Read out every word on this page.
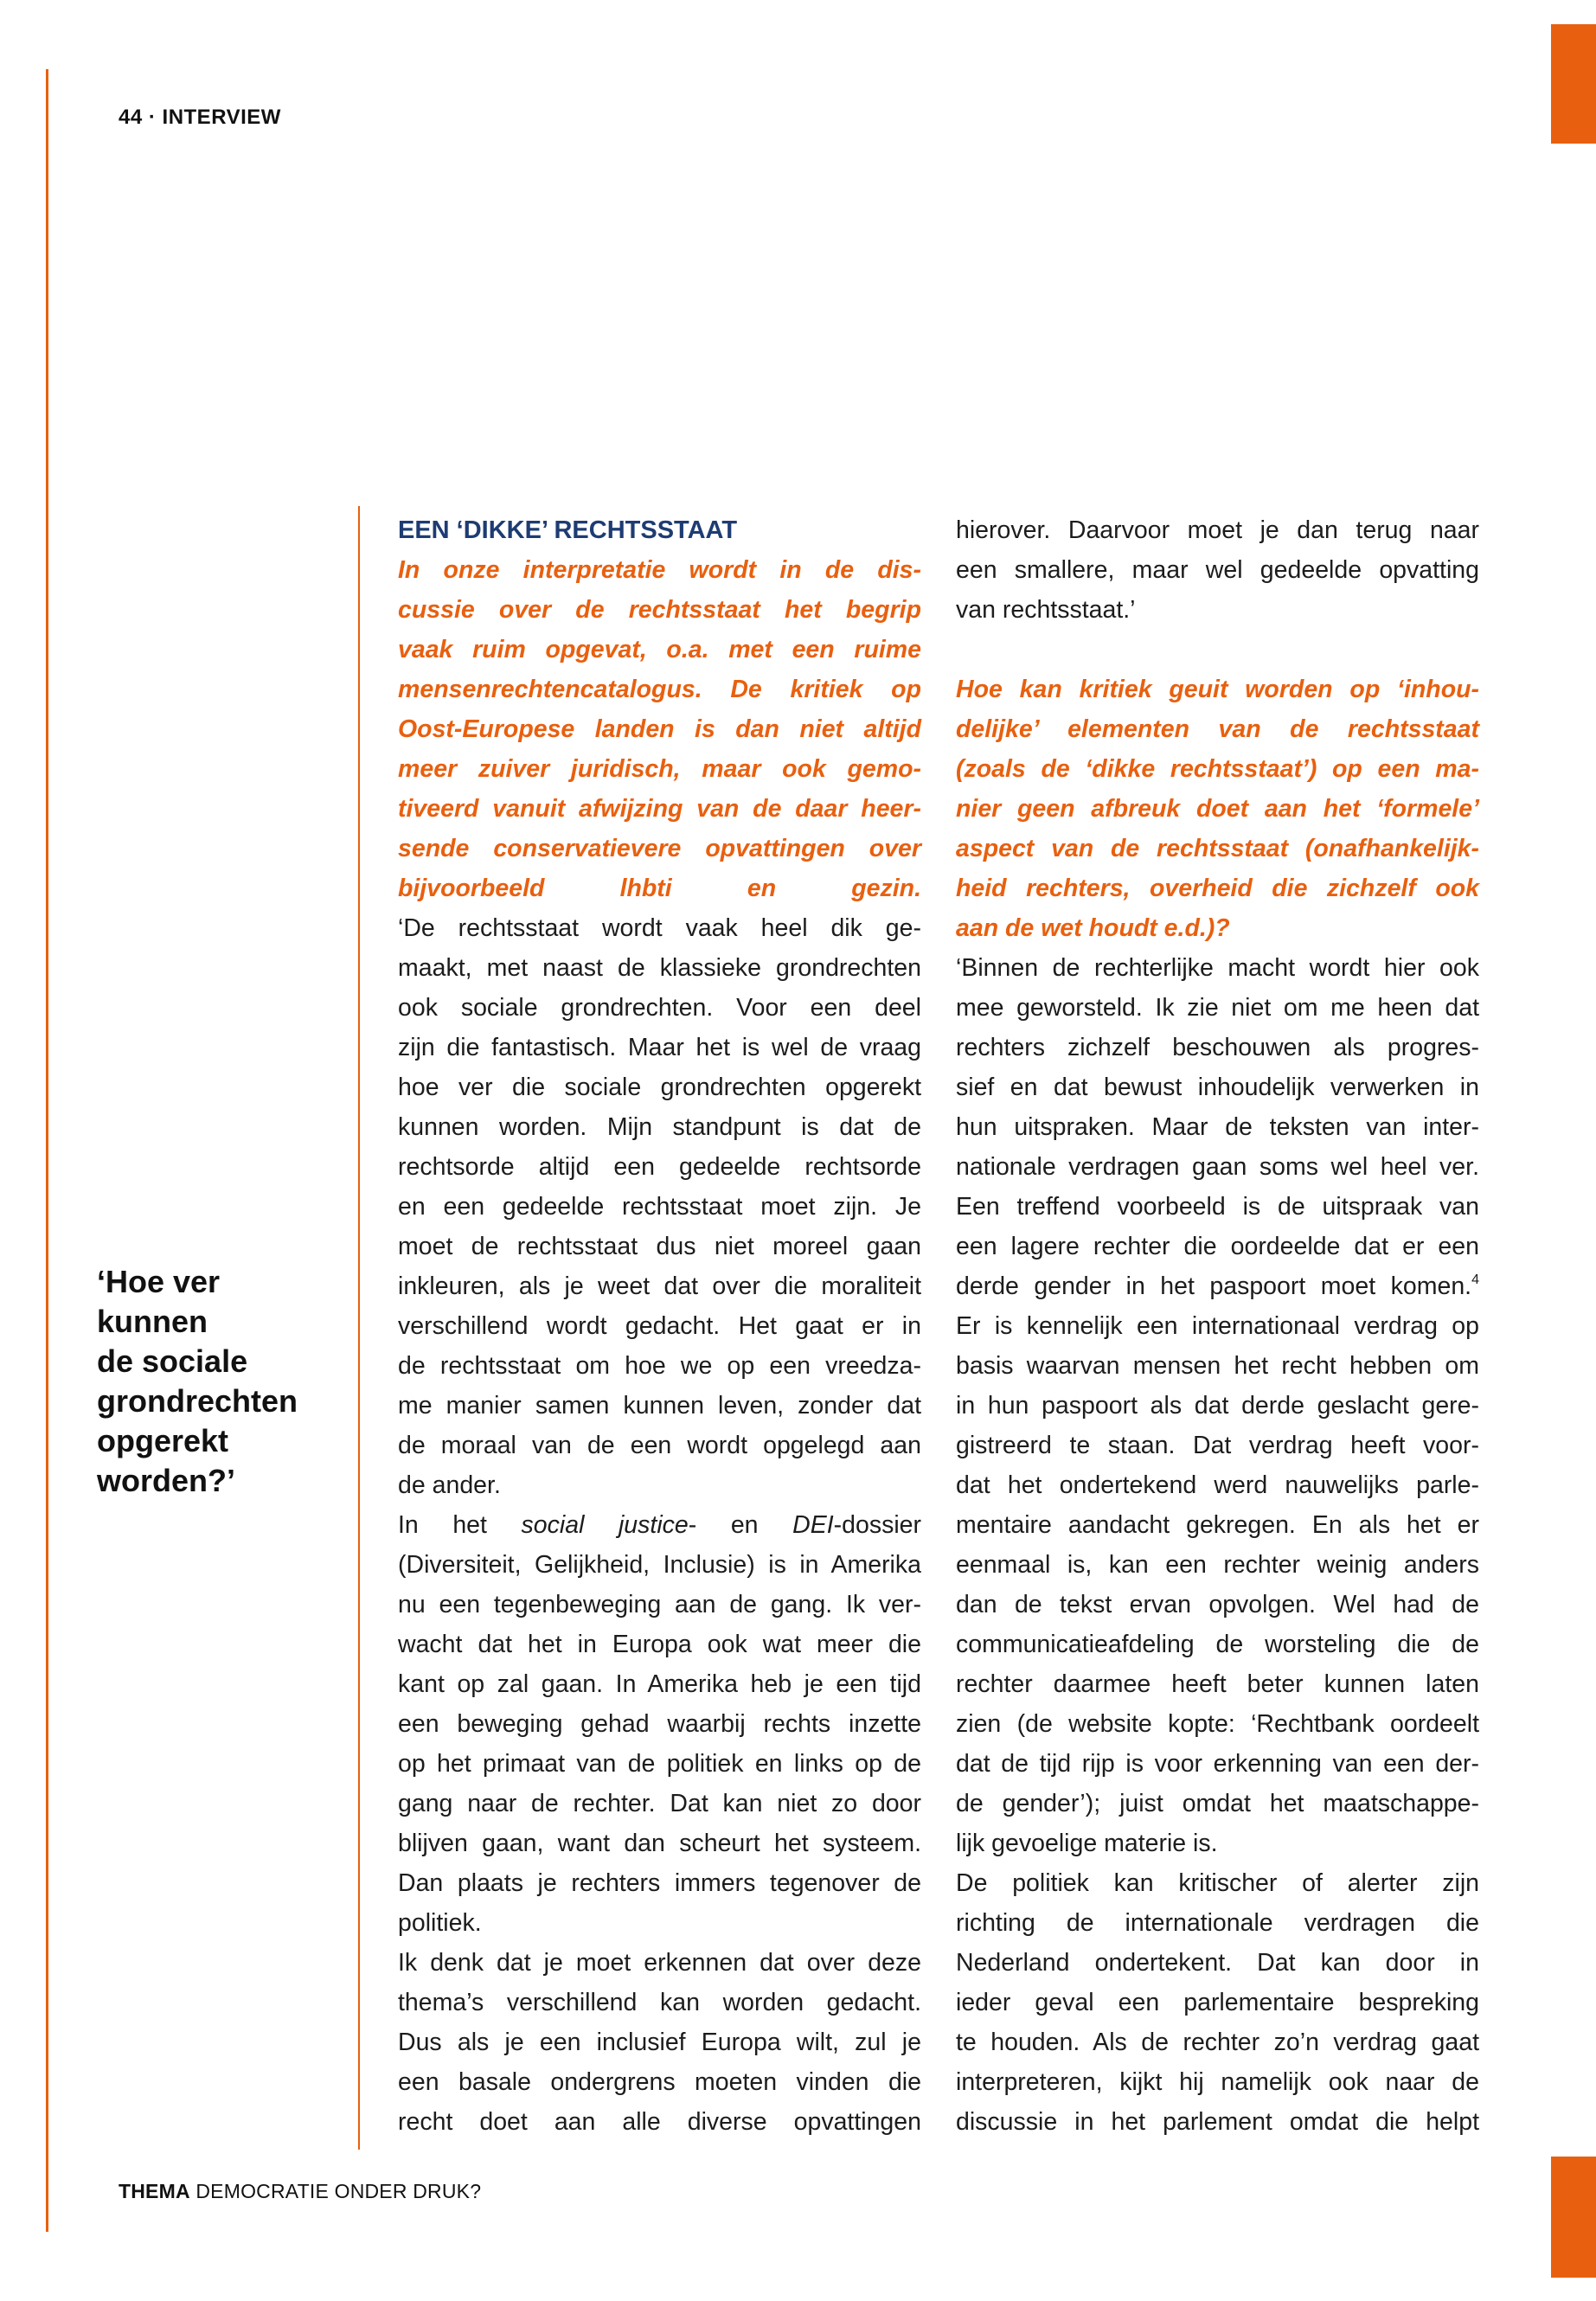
44 · INTERVIEW
‘Hoe ver
kunnen
de sociale
grondrechten
opgerekt
worden?’
EEN ‘DIKKE’ RECHTSSTAAT
In onze interpretatie wordt in de dis-
cussie over de rechtsstaat het begrip
vaak ruim opgevat, o.a. met een ruime
mensenrechtencatalogus. De kritiek op
Oost-Europese landen is dan niet altijd
meer zuiver juridisch, maar ook gemo-
tiveerd vanuit afwijzing van de daar heer-
sende conservatievere opvattingen over
bijvoorbeeld lhbti en gezin.
‘De rechtsstaat wordt vaak heel dik ge-
maakt, met naast de klassieke grondrechten
ook sociale grondrechten. Voor een deel
zijn die fantastisch. Maar het is wel de vraag
hoe ver die sociale grondrechten opgerekt
kunnen worden. Mijn standpunt is dat de
rechtsorde altijd een gedeelde rechtsorde
en een gedeelde rechtsstaat moet zijn. Je
moet de rechtsstaat dus niet moreel gaan
inkleuren, als je weet dat over die moraliteit
verschillend wordt gedacht. Het gaat er in
de rechtsstaat om hoe we op een vreedza-
me manier samen kunnen leven, zonder dat
de moraal van de een wordt opgelegd aan
de ander.
In het social justice- en DEI-dossier
(Diversiteit, Gelijkheid, Inclusie) is in Amerika
nu een tegenbeweging aan de gang. Ik ver-
wacht dat het in Europa ook wat meer die
kant op zal gaan. In Amerika heb je een tijd
een beweging gehad waarbij rechts inzette
op het primaat van de politiek en links op de
gang naar de rechter. Dat kan niet zo door
blijven gaan, want dan scheurt het systeem.
Dan plaats je rechters immers tegenover de
politiek.
Ik denk dat je moet erkennen dat over deze
thema’s verschillend kan worden gedacht.
Dus als je een inclusief Europa wilt, zul je
een basale ondergrens moeten vinden die
recht doet aan alle diverse opvattingen
hierover. Daarvoor moet je dan terug naar
een smallere, maar wel gedeelde opvatting
van rechtsstaat.’
Hoe kan kritiek geuit worden op ‘inhou-
delijke’ elementen van de rechtsstaat
(zoals de ‘dikke rechtsstaat’) op een ma-
nier geen afbreuk doet aan het ‘formele’
aspect van de rechtsstaat (onafhankelijk-
heid rechters, overheid die zichzelf ook
aan de wet houdt e.d.)?
‘Binnen de rechterlijke macht wordt hier ook
mee geworsteld. Ik zie niet om me heen dat
rechters zichzelf beschouwen als progres-
sief en dat bewust inhoudelijk verwerken in
hun uitspraken. Maar de teksten van inter-
nationale verdragen gaan soms wel heel ver.
Een treffend voorbeeld is de uitspraak van
een lagere rechter die oordeelde dat er een
derde gender in het paspoort moet komen.$^4$
Er is kennelijk een internationaal verdrag op
basis waarvan mensen het recht hebben om
in hun paspoort als dat derde geslacht gere-
gistreerd te staan. Dat verdrag heeft voor-
dat het ondertekend werd nauwelijks parle-
mentaire aandacht gekregen. En als het er
eenmaal is, kan een rechter weinig anders
dan de tekst ervan opvolgen. Wel had de
communicatieafdeling de worsteling die de
rechter daarmee heeft beter kunnen laten
zien (de website kopte: ‘Rechtbank oordeelt
dat de tijd rijp is voor erkenning van een der-
de gender’); juist omdat het maatschappe-
lijk gevoelige materie is.
De politiek kan kritischer of alerter zijn
richting de internationale verdragen die
Nederland ondertekent. Dat kan door in
ieder geval een parlementaire bespreking
te houden. Als de rechter zo’n verdrag gaat
interpreteren, kijkt hij namelijk ook naar de
discussie in het parlement omdat die helpt
THEMA DEMOCRATIE ONDER DRUK?
